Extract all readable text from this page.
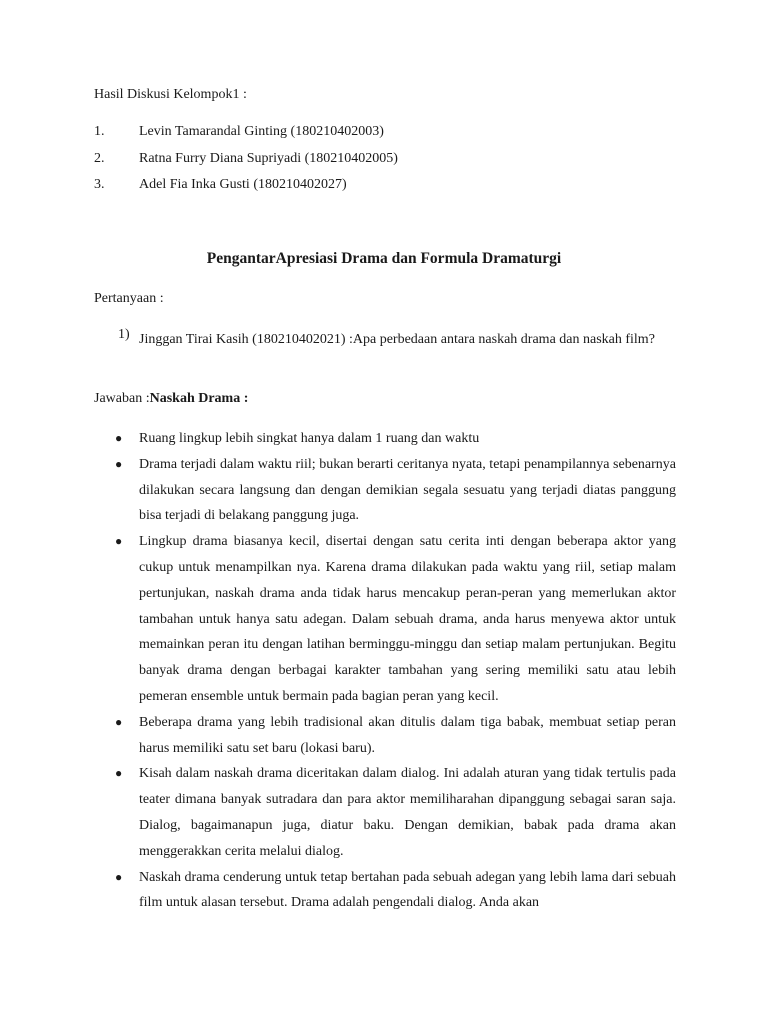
Hasil Diskusi Kelompok1 :
1. Levin Tamarandal Ginting (180210402003)
2. Ratna Furry Diana Supriyadi (180210402005)
3. Adel Fia Inka Gusti (180210402027)
PengantarApresiasi Drama dan Formula Dramaturgi
Pertanyaan :
1) Jinggan Tirai Kasih (180210402021) :Apa perbedaan antara naskah drama dan naskah film?
Jawaban :Naskah Drama :
● Ruang lingkup lebih singkat hanya dalam 1 ruang dan waktu
● Drama terjadi dalam waktu riil; bukan berarti ceritanya nyata, tetapi penampilannya sebenarnya dilakukan secara langsung dan dengan demikian segala sesuatu yang terjadi diatas panggung bisa terjadi di belakang panggung juga.
● Lingkup drama biasanya kecil, disertai dengan satu cerita inti dengan beberapa aktor yang cukup untuk menampilkan nya. Karena drama dilakukan pada waktu yang riil, setiap malam pertunjukan, naskah drama anda tidak harus mencakup peran-peran yang memerlukan aktor tambahan untuk hanya satu adegan. Dalam sebuah drama, anda harus menyewa aktor untuk memainkan peran itu dengan latihan berminggu-minggu dan setiap malam pertunjukan. Begitu banyak drama dengan berbagai karakter tambahan yang sering memiliki satu atau lebih pemeran ensemble untuk bermain pada bagian peran yang kecil.
● Beberapa drama yang lebih tradisional akan ditulis dalam tiga babak, membuat setiap peran harus memiliki satu set baru (lokasi baru).
● Kisah dalam naskah drama diceritakan dalam dialog. Ini adalah aturan yang tidak tertulis pada teater dimana banyak sutradara dan para aktor memiliharahan dipanggung sebagai saran saja. Dialog, bagaimanapun juga, diatur baku. Dengan demikian, babak pada drama akan menggerakkan cerita melalui dialog.
● Naskah drama cenderung untuk tetap bertahan pada sebuah adegan yang lebih lama dari sebuah film untuk alasan tersebut. Drama adalah pengendali dialog. Anda akan
